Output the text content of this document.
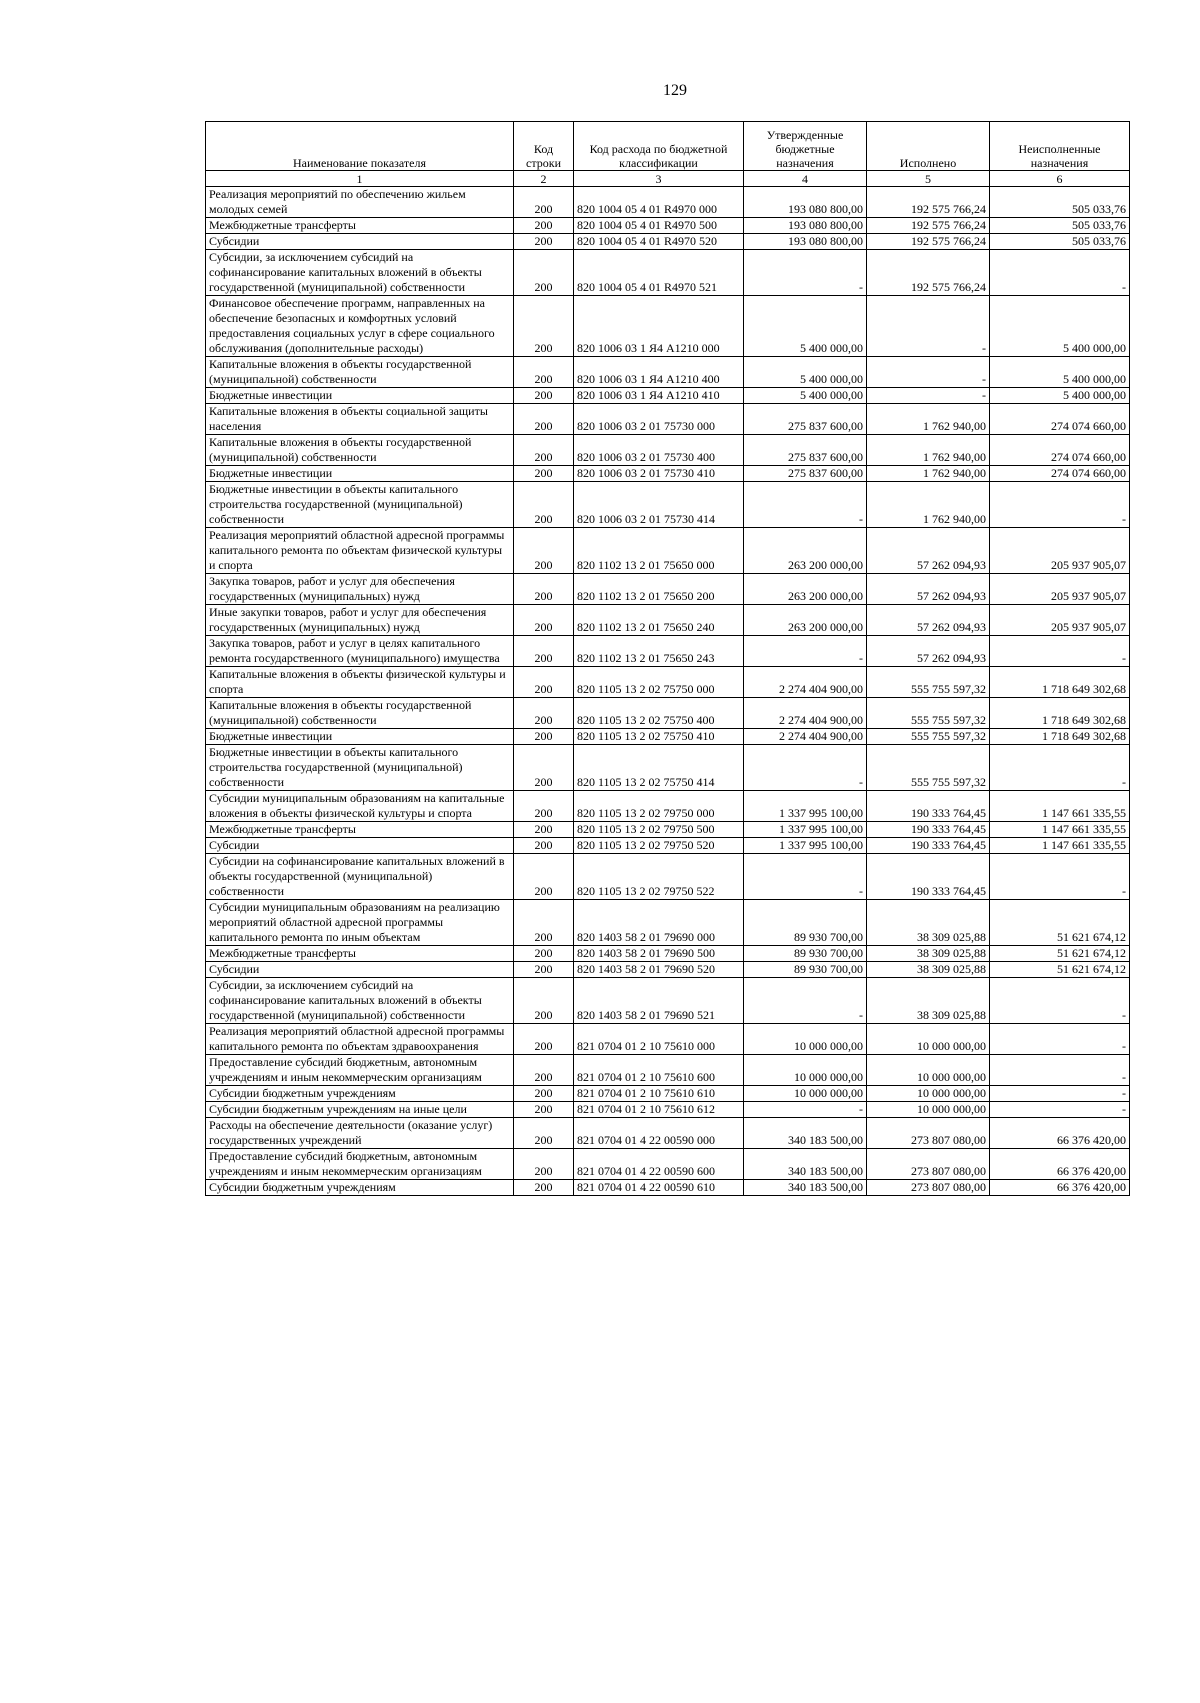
129
Наименование показателя	Код строки	Код расхода по бюджетной классификации	Утвержденные бюджетные назначения	Исполнено	Неисполненные назначения
1	2	3	4	5	6
Реализация мероприятий по обеспечению жильем молодых семей	200	820 1004 05 4 01 R4970 000	193 080 800,00	192 575 766,24	505 033,76
Межбюджетные трансферты	200	820 1004 05 4 01 R4970 500	193 080 800,00	192 575 766,24	505 033,76
Субсидии	200	820 1004 05 4 01 R4970 520	193 080 800,00	192 575 766,24	505 033,76
Субсидии, за исключением субсидий на софинансирование капитальных вложений в объекты государственной (муниципальной) собственности	200	820 1004 05 4 01 R4970 521	-	192 575 766,24	-
Финансовое обеспечение программ, направленных на обеспечение безопасных и комфортных условий предоставления социальных услуг в сфере социального обслуживания (дополнительные расходы)	200	820 1006 03 1 Я4 A1210 000	5 400 000,00	-	5 400 000,00
Капитальные вложения в объекты государственной (муниципальной) собственности	200	820 1006 03 1 Я4 A1210 400	5 400 000,00	-	5 400 000,00
Бюджетные инвестиции	200	820 1006 03 1 Я4 A1210 410	5 400 000,00	-	5 400 000,00
Капитальные вложения в объекты социальной защиты населения	200	820 1006 03 2 01 75730 000	275 837 600,00	1 762 940,00	274 074 660,00
Капитальные вложения в объекты государственной (муниципальной) собственности	200	820 1006 03 2 01 75730 400	275 837 600,00	1 762 940,00	274 074 660,00
Бюджетные инвестиции	200	820 1006 03 2 01 75730 410	275 837 600,00	1 762 940,00	274 074 660,00
Бюджетные инвестиции в объекты капитального строительства государственной (муниципальной) собственности	200	820 1006 03 2 01 75730 414	-	1 762 940,00	-
Реализация мероприятий областной адресной программы капитального ремонта по объектам физической культуры и спорта	200	820 1102 13 2 01 75650 000	263 200 000,00	57 262 094,93	205 937 905,07
Закупка товаров, работ и услуг для обеспечения государственных (муниципальных) нужд	200	820 1102 13 2 01 75650 200	263 200 000,00	57 262 094,93	205 937 905,07
Иные закупки товаров, работ и услуг для обеспечения государственных (муниципальных) нужд	200	820 1102 13 2 01 75650 240	263 200 000,00	57 262 094,93	205 937 905,07
Закупка товаров, работ и услуг в целях капитального ремонта государственного (муниципального) имущества	200	820 1102 13 2 01 75650 243	-	57 262 094,93	-
Капитальные вложения в объекты физической культуры и спорта	200	820 1105 13 2 02 75750 000	2 274 404 900,00	555 755 597,32	1 718 649 302,68
Капитальные вложения в объекты государственной (муниципальной) собственности	200	820 1105 13 2 02 75750 400	2 274 404 900,00	555 755 597,32	1 718 649 302,68
Бюджетные инвестиции	200	820 1105 13 2 02 75750 410	2 274 404 900,00	555 755 597,32	1 718 649 302,68
Бюджетные инвестиции в объекты капитального строительства государственной (муниципальной) собственности	200	820 1105 13 2 02 75750 414	-	555 755 597,32	-
Субсидии муниципальным образованиям на капитальные вложения в объекты физической культуры и спорта	200	820 1105 13 2 02 79750 000	1 337 995 100,00	190 333 764,45	1 147 661 335,55
Межбюджетные трансферты	200	820 1105 13 2 02 79750 500	1 337 995 100,00	190 333 764,45	1 147 661 335,55
Субсидии	200	820 1105 13 2 02 79750 520	1 337 995 100,00	190 333 764,45	1 147 661 335,55
Субсидии на софинансирование капитальных вложений в объекты государственной (муниципальной) собственности	200	820 1105 13 2 02 79750 522	-	190 333 764,45	-
Субсидии муниципальным образованиям на реализацию мероприятий областной адресной программы капитального ремонта по иным объектам	200	820 1403 58 2 01 79690 000	89 930 700,00	38 309 025,88	51 621 674,12
Межбюджетные трансферты	200	820 1403 58 2 01 79690 500	89 930 700,00	38 309 025,88	51 621 674,12
Субсидии	200	820 1403 58 2 01 79690 520	89 930 700,00	38 309 025,88	51 621 674,12
Субсидии, за исключением субсидий на софинансирование капитальных вложений в объекты государственной (муниципальной) собственности	200	820 1403 58 2 01 79690 521	-	38 309 025,88	-
Реализация мероприятий областной адресной программы капитального ремонта по объектам здравоохранения	200	821 0704 01 2 10 75610 000	10 000 000,00	10 000 000,00	-
Предоставление субсидий бюджетным, автономным учреждениям и иным некоммерческим организациям	200	821 0704 01 2 10 75610 600	10 000 000,00	10 000 000,00	-
Субсидии бюджетным учреждениям	200	821 0704 01 2 10 75610 610	10 000 000,00	10 000 000,00	-
Субсидии бюджетным учреждениям на иные цели	200	821 0704 01 2 10 75610 612	-	10 000 000,00	-
Расходы на обеспечение деятельности (оказание услуг) государственных учреждений	200	821 0704 01 4 22 00590 000	340 183 500,00	273 807 080,00	66 376 420,00
Предоставление субсидий бюджетным, автономным учреждениям и иным некоммерческим организациям	200	821 0704 01 4 22 00590 600	340 183 500,00	273 807 080,00	66 376 420,00
Субсидии бюджетным учреждениям	200	821 0704 01 4 22 00590 610	340 183 500,00	273 807 080,00	66 376 420,00
